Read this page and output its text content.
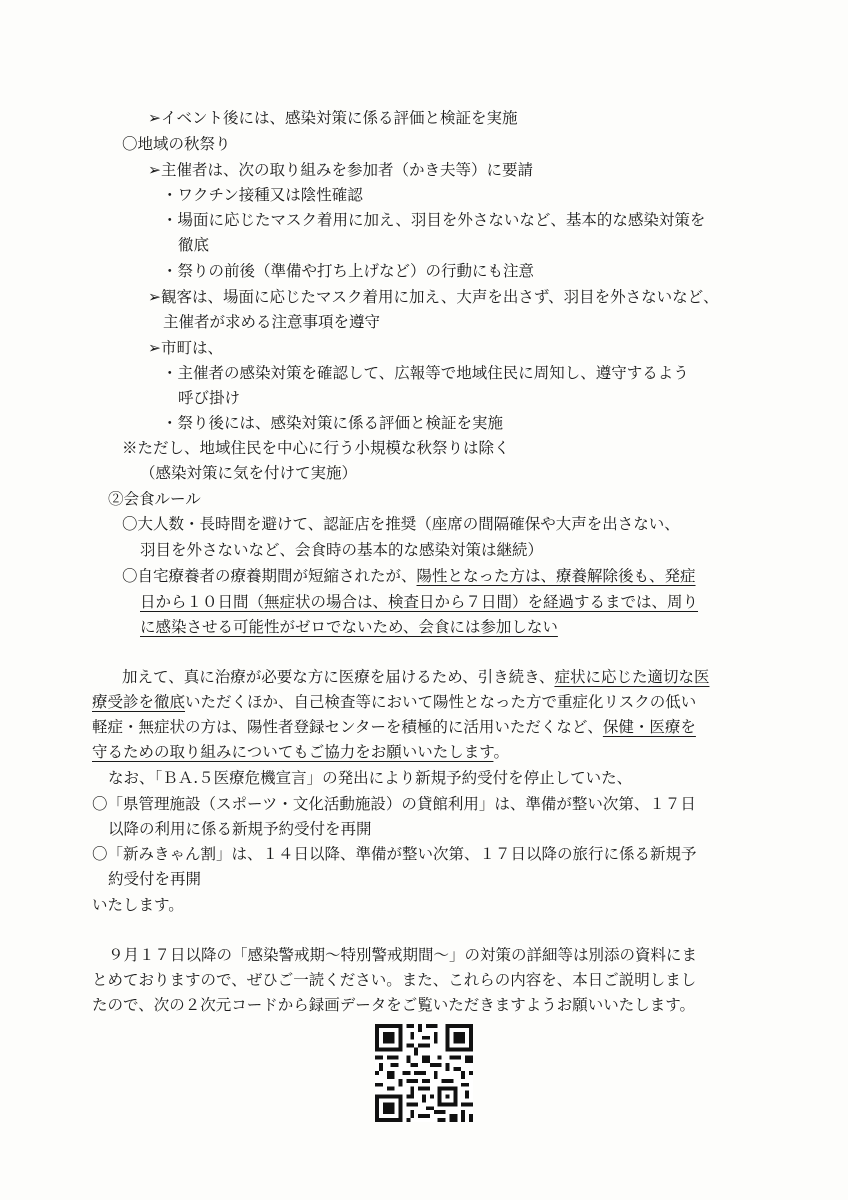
➢イベント後には、感染対策に係る評価と検証を実施
〇地域の秋祭り
➢主催者は、次の取り組みを参加者（かき夫等）に要請
・ワクチン接種又は陰性確認
・場面に応じたマスク着用に加え、羽目を外さないなど、基本的な感染対策を
徹底
・祭りの前後（準備や打ち上げなど）の行動にも注意
➢観客は、場面に応じたマスク着用に加え、大声を出さず、羽目を外さないなど、
主催者が求める注意事項を遵守
➢市町は、
・主催者の感染対策を確認して、広報等で地域住民に周知し、遵守するよう
呼び掛け
・祭り後には、感染対策に係る評価と検証を実施
※ただし、地域住民を中心に行う小規模な秋祭りは除く
（感染対策に気を付けて実施）
②会食ルール
〇大人数・長時間を避けて、認証店を推奨（座席の間隔確保や大声を出さない、
羽目を外さないなど、会食時の基本的な感染対策は継続）
〇自宅療養者の療養期間が短縮されたが、陽性となった方は、療養解除後も、発症
日から１０日間（無症状の場合は、検査日から７日間）を経過するまでは、周り
に感染させる可能性がゼロでないため、会食には参加しない
加えて、真に治療が必要な方に医療を届けるため、引き続き、症状に応じた適切な医
療受診を徹底いただくほか、自己検査等において陽性となった方で重症化リスクの低い
軽症・無症状の方は、陽性者登録センターを積極的に活用いただくなど、保健・医療を
守るための取り組みについてもご協力をお願いいたします。
なお、「ＢＡ.５医療危機宣言」の発出により新規予約受付を停止していた、
〇「県管理施設（スポーツ・文化活動施設）の貸館利用」は、準備が整い次第、１７日
以降の利用に係る新規予約受付を再開
〇「新みきゃん割」は、１４日以降、準備が整い次第、１７日以降の旅行に係る新規予
約受付を再開
いたします。
９月１７日以降の「感染警戒期～特別警戒期間～」の対策の詳細等は別添の資料にま
とめておりますので、ぜひご一読ください。また、これらの内容を、本日ご説明しまし
たので、次の２次元コードから録画データをご覧いただきますようお願いいたします。
